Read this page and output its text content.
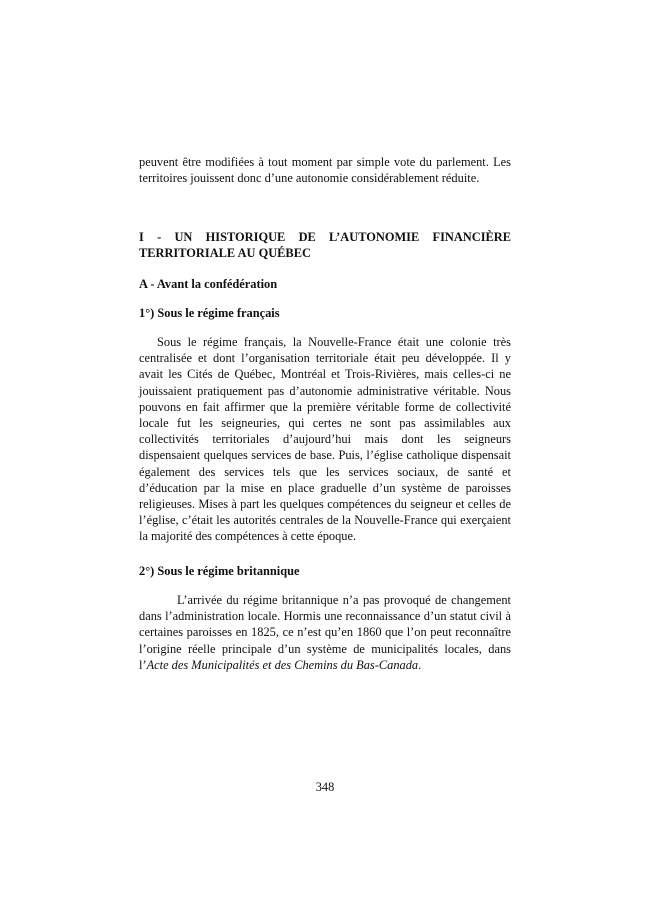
peuvent être modifiées à tout moment par simple vote du parlement. Les territoires jouissent donc d’une autonomie considérablement réduite.

I - UN HISTORIQUE DE L’AUTONOMIE FINANCIÈRE TERRITORIALE AU QUÉBEC

A - Avant la confédération

1°) Sous le régime français

Sous le régime français, la Nouvelle-France était une colonie très centralisée et dont l’organisation territoriale était peu développée. Il y avait les Cités de Québec, Montréal et Trois-Rivières, mais celles-ci ne jouissaient pratiquement pas d’autonomie administrative véritable. Nous pouvons en fait affirmer que la première véritable forme de collectivité locale fut les seigneuries, qui certes ne sont pas assimilables aux collectivités territoriales d’aujourd’hui mais dont les seigneurs dispensaient quelques services de base. Puis, l’église catholique dispensait également des services tels que les services sociaux, de santé et d’éducation par la mise en place graduelle d’un système de paroisses religieuses. Mises à part les quelques compétences du seigneur et celles de l’église, c’était les autorités centrales de la Nouvelle-France qui exerçaient la majorité des compétences à cette époque.

2°) Sous le régime britannique

L’arrivée du régime britannique n’a pas provoqué de changement dans l’administration locale. Hormis une reconnaissance d’un statut civil à certaines paroisses en 1825, ce n’est qu’en 1860 que l’on peut reconnaître l’origine réelle principale d’un système de municipalités locales, dans l’Acte des Municipalités et des Chemins du Bas-Canada.

348
